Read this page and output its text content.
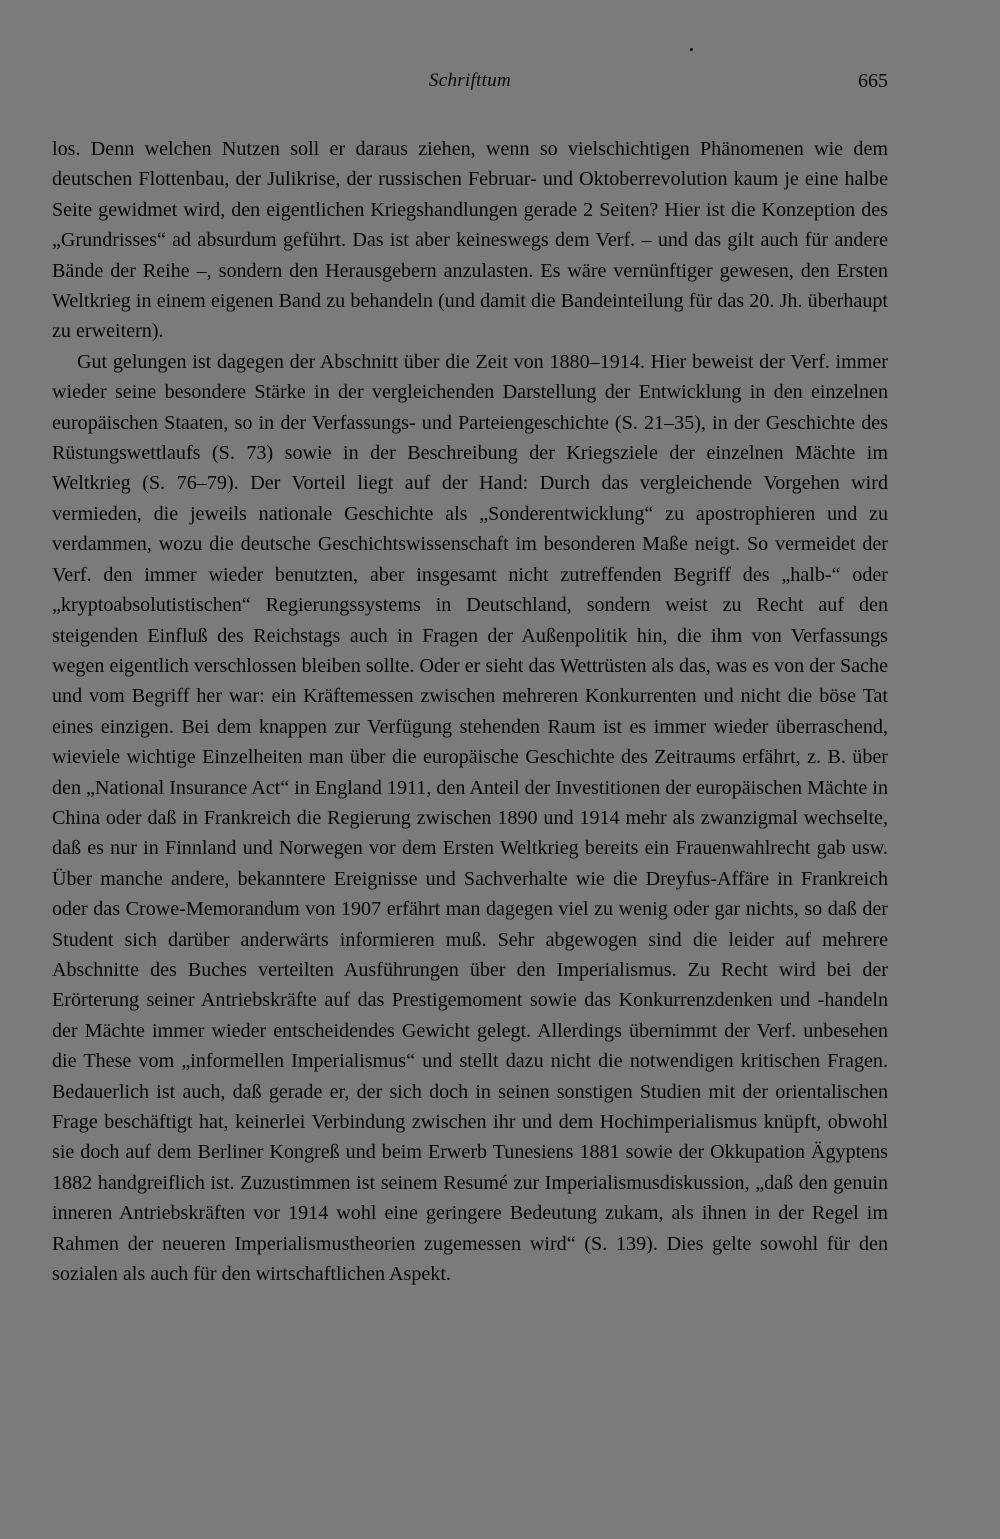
Schrifttum	665

los. Denn welchen Nutzen soll er daraus ziehen, wenn so vielschichtigen Phänomenen wie dem deutschen Flottenbau, der Julikrise, der russischen Februar- und Oktoberrevolution kaum je eine halbe Seite gewidmet wird, den eigentlichen Kriegshandlungen gerade 2 Seiten? Hier ist die Konzeption des „Grundrisses“ ad absurdum geführt. Das ist aber keineswegs dem Verf. – und das gilt auch für andere Bände der Reihe –, sondern den Herausgebern anzulasten. Es wäre vernünftiger gewesen, den Ersten Weltkrieg in einem eigenen Band zu behandeln (und damit die Bandeinteilung für das 20. Jh. überhaupt zu erweitern).

Gut gelungen ist dagegen der Abschnitt über die Zeit von 1880–1914. Hier beweist der Verf. immer wieder seine besondere Stärke in der vergleichenden Darstellung der Entwicklung in den einzelnen europäischen Staaten, so in der Verfassungs- und Parteiengeschichte (S. 21–35), in der Geschichte des Rüstungswettlaufs (S. 73) sowie in der Beschreibung der Kriegsziele der einzelnen Mächte im Weltkrieg (S. 76–79). Der Vorteil liegt auf der Hand: Durch das vergleichende Vorgehen wird vermieden, die jeweils nationale Geschichte als „Sonderentwicklung“ zu apostrophieren und zu verdammen, wozu die deutsche Geschichtswissenschaft im besonderen Maße neigt. So vermeidet der Verf. den immer wieder benutzten, aber insgesamt nicht zutreffenden Begriff des „halb-“ oder „kryptoabsolutistischen“ Regierungssystems in Deutschland, sondern weist zu Recht auf den steigenden Einfluß des Reichstags auch in Fragen der Außenpolitik hin, die ihm von Verfassungs wegen eigentlich verschlossen bleiben sollte. Oder er sieht das Wettrüsten als das, was es von der Sache und vom Begriff her war: ein Kräftemessen zwischen mehreren Konkurrenten und nicht die böse Tat eines einzigen. Bei dem knappen zur Verfügung stehenden Raum ist es immer wieder überraschend, wieviele wichtige Einzelheiten man über die europäische Geschichte des Zeitraums erfährt, z. B. über den „National Insurance Act“ in England 1911, den Anteil der Investitionen der europäischen Mächte in China oder daß in Frankreich die Regierung zwischen 1890 und 1914 mehr als zwanzigmal wechselte, daß es nur in Finnland und Norwegen vor dem Ersten Weltkrieg bereits ein Frauenwahlrecht gab usw. Über manche andere, bekanntere Ereignisse und Sachverhalte wie die Dreyfus-Affäre in Frankreich oder das Crowe-Memorandum von 1907 erfährt man dagegen viel zu wenig oder gar nichts, so daß der Student sich darüber anderwärts informieren muß. Sehr abgewogen sind die leider auf mehrere Abschnitte des Buches verteilten Ausführungen über den Imperialismus. Zu Recht wird bei der Erörterung seiner Antriebskräfte auf das Prestigemoment sowie das Konkurrenzdenken und -handeln der Mächte immer wieder entscheidendes Gewicht gelegt. Allerdings übernimmt der Verf. unbesehen die These vom „informellen Imperialismus“ und stellt dazu nicht die notwendigen kritischen Fragen. Bedauerlich ist auch, daß gerade er, der sich doch in seinen sonstigen Studien mit der orientalischen Frage beschäftigt hat, keinerlei Verbindung zwischen ihr und dem Hochimperialismus knüpft, obwohl sie doch auf dem Berliner Kongreß und beim Erwerb Tunesiens 1881 sowie der Okkupation Ägyptens 1882 handgreiflich ist. Zuzustimmen ist seinem Resumé zur Imperialismusdiskussion, „daß den genuin inneren Antriebskräften vor 1914 wohl eine geringere Bedeutung zukam, als ihnen in der Regel im Rahmen der neueren Imperialismustheorien zugemessen wird“ (S. 139). Dies gelte sowohl für den sozialen als auch für den wirtschaftlichen Aspekt.
